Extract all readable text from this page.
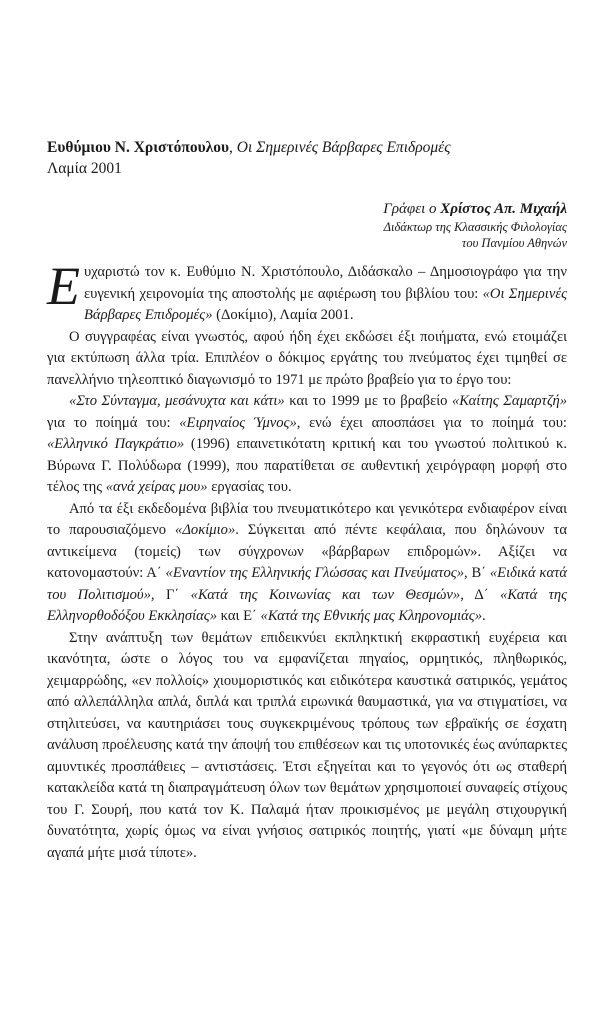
Ευθύμιου Ν. Χριστόπουλου, Οι Σημερινές Βάρβαρες Επιδρομές
Λαμία 2001
Γράφει ο Χρίστος Απ. Μιχαήλ
Διδάκτωρ της Κλασσικής Φιλολογίας
του Πανμίου Αθηνών

Ευχαριστώ τον κ. Ευθύμιο Ν. Χριστόπουλο, Διδάσκαλο – Δημοσιογράφο για την ευγενική χειρονομία της αποστολής με αφιέρωση του βιβλίου του: «Οι Σημερινές Βάρβαρες Επιδρομές» (Δοκίμιο), Λαμία 2001.

Ο συγγραφέας είναι γνωστός, αφού ήδη έχει εκδώσει έξι ποιήματα, ενώ ετοιμάζει για εκτύπωση άλλα τρία. Επιπλέον ο δόκιμος εργάτης του πνεύματος έχει τιμηθεί σε πανελλήνιο τηλεοπτικό διαγωνισμό το 1971 με πρώτο βραβείο για το έργο του:

«Στο Σύνταγμα, μεσάνυχτα και κάτι» και το 1999 με το βραβείο «Καίτης Σαμαρτζή» για το ποίημά του: «Ειρηναίος Ύμνος», ενώ έχει αποσπάσει για το ποίημά του: «Ελληνικό Παγκράτιο» (1996) επαινετικότατη κριτική και του γνωστού πολιτικού κ. Βύρωνα Γ. Πολύδωρα (1999), που παρατίθεται σε αυθεντική χειρόγραφη μορφή στο τέλος της «ανά χείρας μου» εργασίας του.

Από τα έξι εκδεδομένα βιβλία του πνευματικότερο και γενικότερα ενδιαφέρον είναι το παρουσιαζόμενο «Δοκίμιο». Σύγκειται από πέντε κεφάλαια, που δηλώνουν τα αντικείμενα (τομείς) των σύγχρονων «βάρβαρων επιδρομών». Αξίζει να κατονομαστούν: Α΄ «Εναντίον της Ελληνικής Γλώσσας και Πνεύματος», Β΄ «Ειδικά κατά του Πολιτισμού», Γ΄ «Κατά της Κοινωνίας και των Θεσμών», Δ΄ «Κατά της Ελληνορθοδόξου Εκκλησίας» και Ε΄ «Κατά της Εθνικής μας Κληρονομιάς».

Στην ανάπτυξη των θεμάτων επιδεικνύει εκπληκτική εκφραστική ευχέρεια και ικανότητα, ώστε ο λόγος του να εμφανίζεται πηγαίος, ορμητικός, πληθωρικός, χειμαρρώδης, «εν πολλοίς» χιουμοριστικός και ειδικότερα καυστικά σατιρικός, γεμάτος από αλλεπάλληλα απλά, διπλά και τριπλά ειρωνικά θαυμαστικά, για να στιγματίσει, να στηλιτεύσει, να καυτηριάσει τους συγκεκριμένους τρόπους των εβραϊκής σε έσχατη ανάλυση προέλευσης κατά την άποψή του επιθέσεων και τις υποτονικές έως ανύπαρκτες αμυντικές προσπάθειες – αντιστάσεις. Έτσι εξηγείται και το γεγονός ότι ως σταθερή κατακλείδα κατά τη διαπραγμάτευση όλων των θεμάτων χρησιμοποιεί συναφείς στίχους του Γ. Σουρή, που κατά τον Κ. Παλαμά ήταν προικισμένος με μεγάλη στιχουργική δυνατότητα, χωρίς όμως να είναι γνήσιος σατιρικός ποιητής, γιατί «με δύναμη μήτε αγαπά μήτε μισά τίποτε».
